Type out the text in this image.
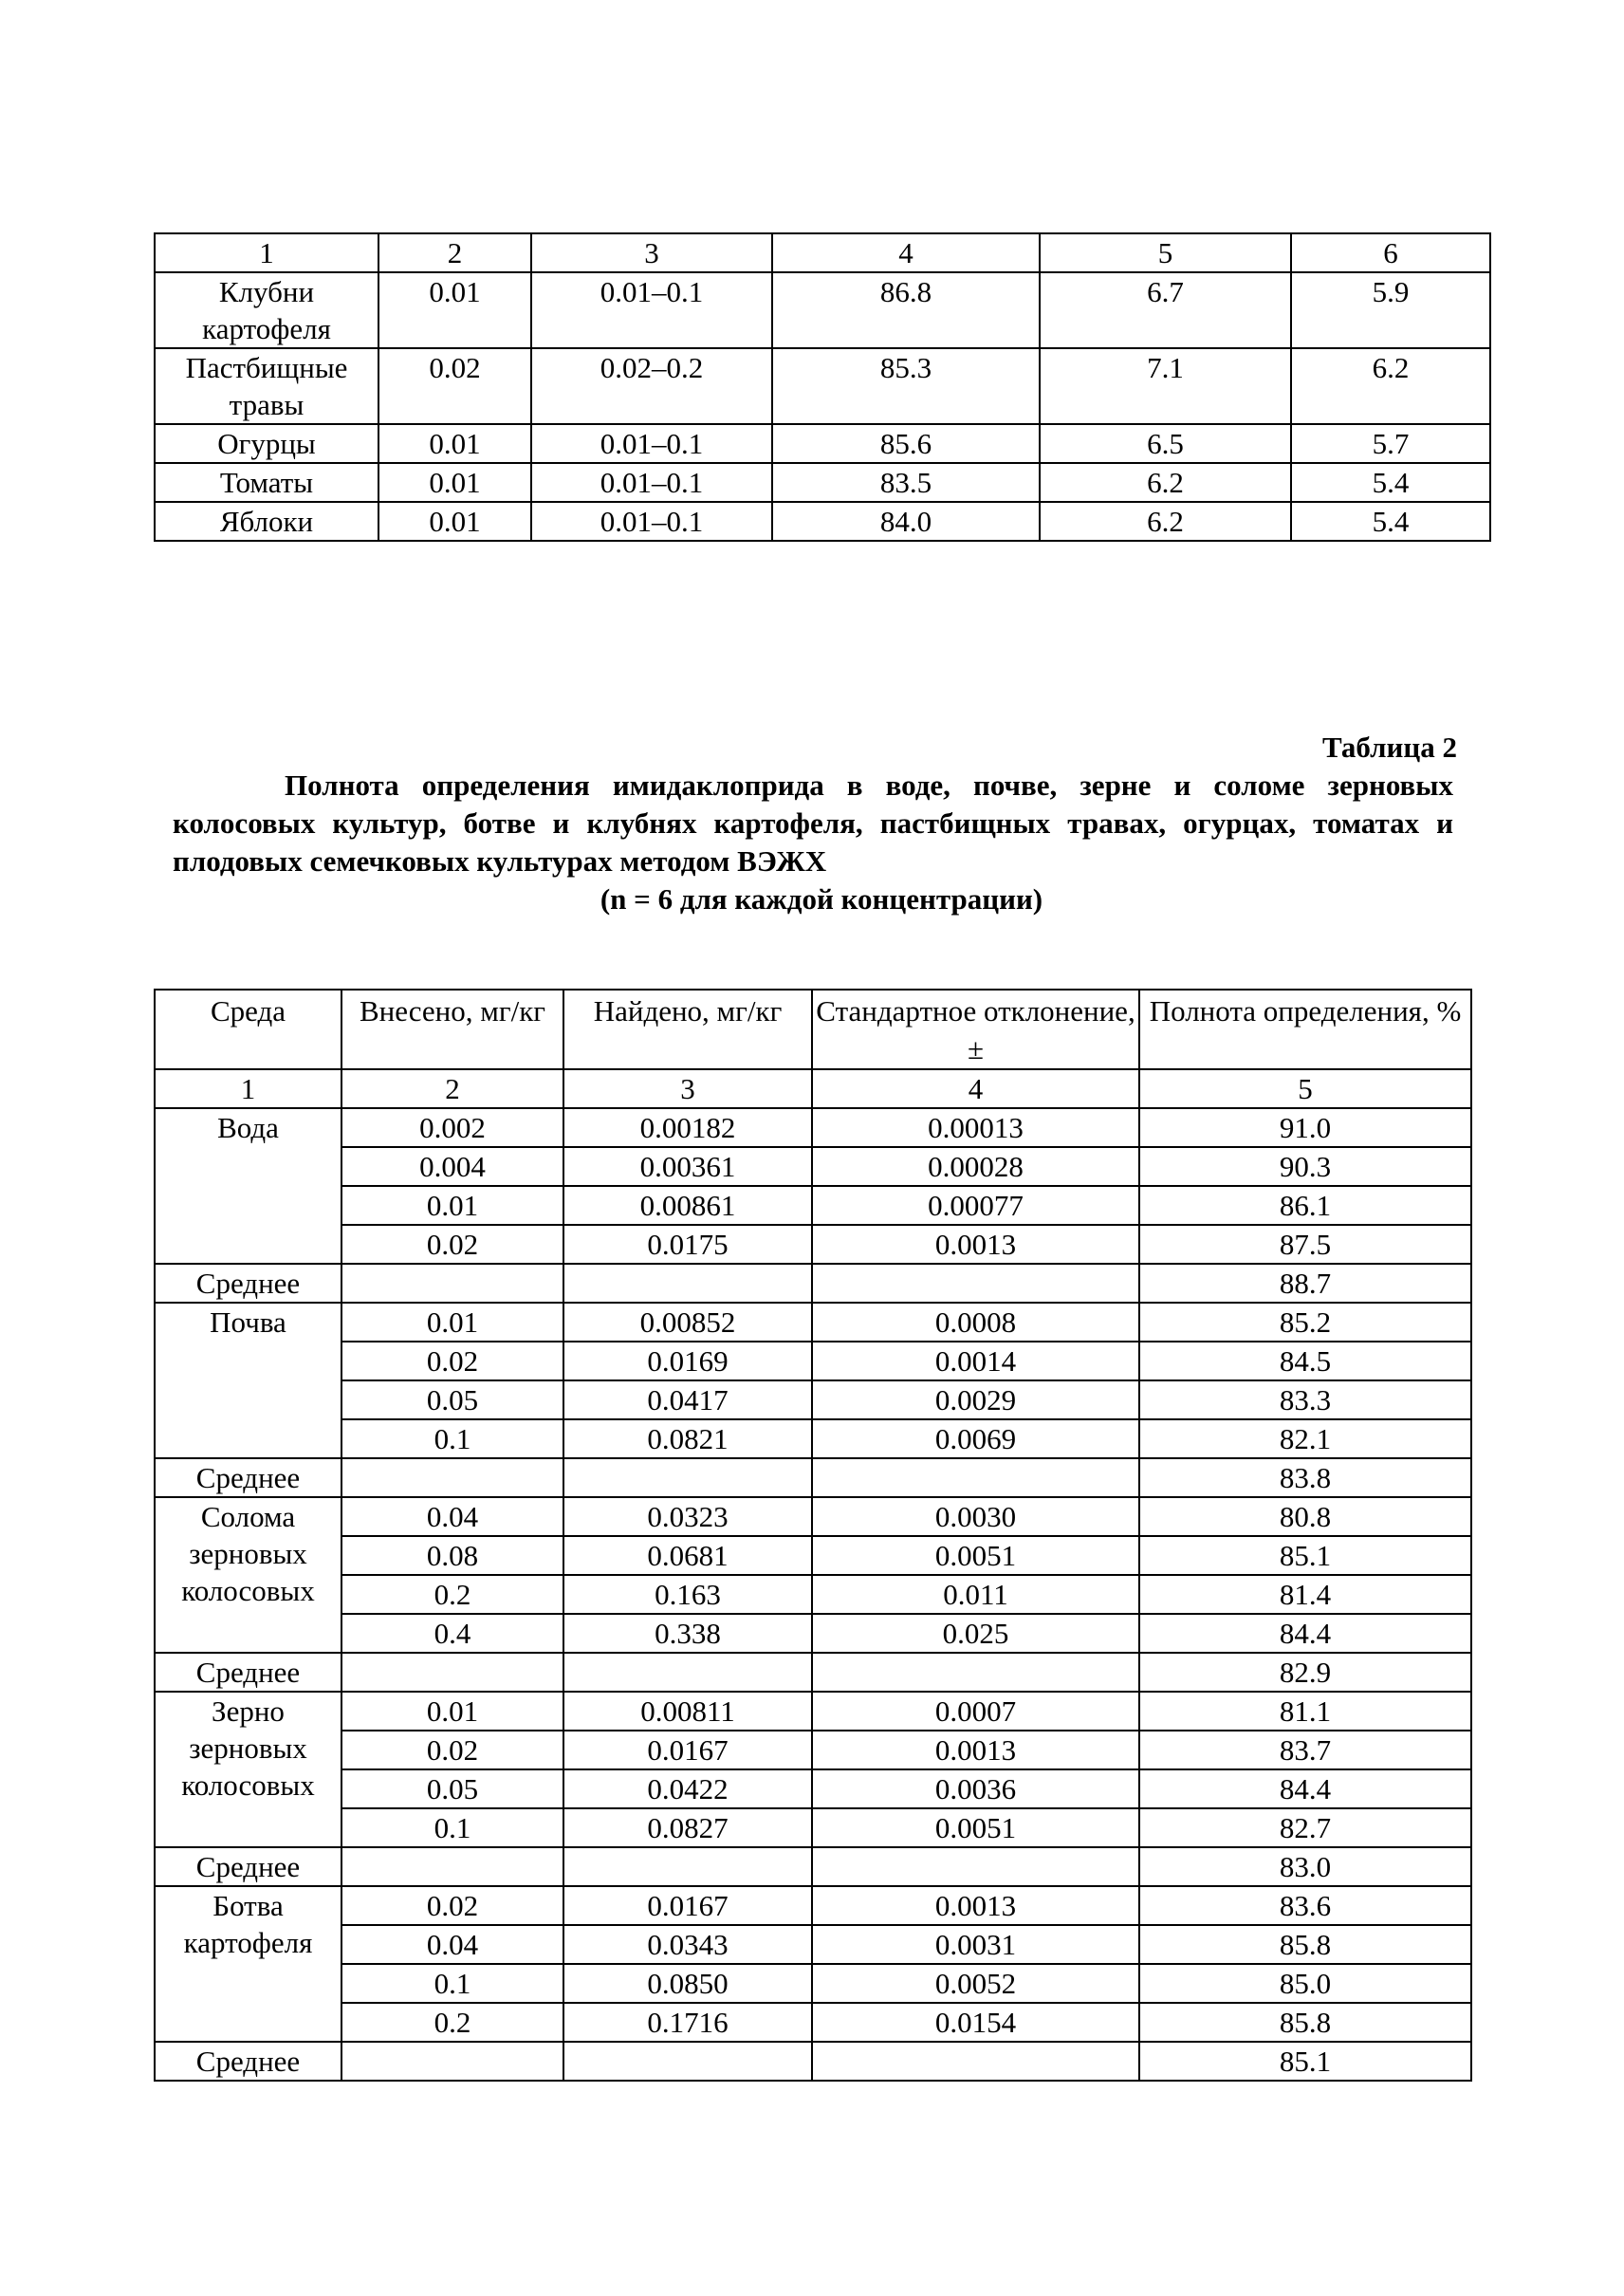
1	2	3	4	5	6
Клубни картофеля	0.01	0.01–0.1	86.8	6.7	5.9
Пастбищные травы	0.02	0.02–0.2	85.3	7.1	6.2
Огурцы	0.01	0.01–0.1	85.6	6.5	5.7
Томаты	0.01	0.01–0.1	83.5	6.2	5.4
Яблоки	0.01	0.01–0.1	84.0	6.2	5.4
Таблица 2
Полнота определения имидаклоприда в воде, почве, зерне и соломе зерновых колосовых культур, ботве и клубнях картофеля, пастбищных травах, огурцах, томатах и плодовых семечковых культурах методом ВЭЖХ
(n = 6 для каждой концентрации)
Среда	Внесено, мг/кг	Найдено, мг/кг	Стандартное отклонение, ±	Полнота определения, %
1	2	3	4	5
Вода	0.002	0.00182	0.00013	91.0
	0.004	0.00361	0.00028	90.3
	0.01	0.00861	0.00077	86.1
	0.02	0.0175	0.0013	87.5
Среднее				88.7
Почва	0.01	0.00852	0.0008	85.2
	0.02	0.0169	0.0014	84.5
	0.05	0.0417	0.0029	83.3
	0.1	0.0821	0.0069	82.1
Среднее				83.8
Солома зерновых колосовых	0.04	0.0323	0.0030	80.8
	0.08	0.0681	0.0051	85.1
	0.2	0.163	0.011	81.4
	0.4	0.338	0.025	84.4
Среднее				82.9
Зерно зерновых колосовых	0.01	0.00811	0.0007	81.1
	0.02	0.0167	0.0013	83.7
	0.05	0.0422	0.0036	84.4
	0.1	0.0827	0.0051	82.7
Среднее				83.0
Ботва картофеля	0.02	0.0167	0.0013	83.6
	0.04	0.0343	0.0031	85.8
	0.1	0.0850	0.0052	85.0
	0.2	0.1716	0.0154	85.8
Среднее				85.1
